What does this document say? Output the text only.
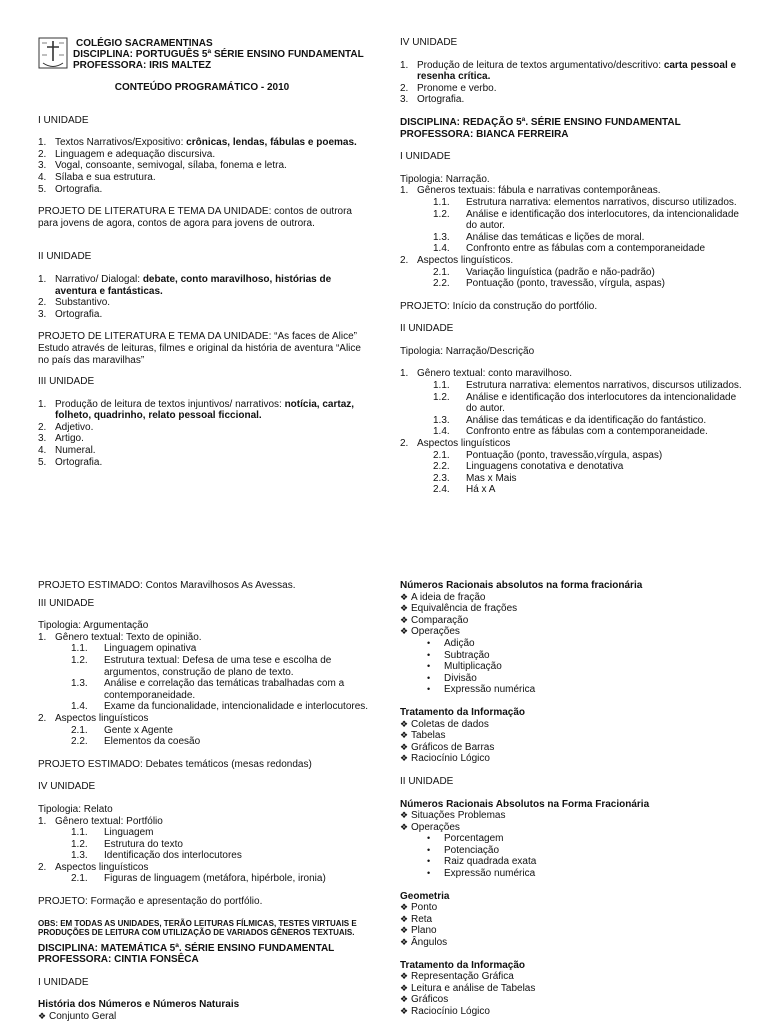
COLÉGIO SACRAMENTINAS
DISCIPLINA: PORTUGUÊS 5ª SÉRIE ENSINO FUNDAMENTAL
PROFESSORA: IRIS MALTEZ
CONTEÚDO PROGRAMÁTICO - 2010
I UNIDADE
1. Textos Narrativos/Expositivo: crônicas, lendas, fábulas e poemas.
2. Linguagem e adequação discursiva.
3. Vogal, consoante, semivogal, sílaba, fonema e letra.
4. Sílaba e sua estrutura.
5. Ortografia.

PROJETO DE LITERATURA E TEMA DA UNIDADE: contos de outrora para jovens de agora, contos de agora para jovens de outrora.

II UNIDADE
1. Narrativo/ Dialogal: debate, conto maravilhoso, histórias de aventura e fantásticas.
2. Substantivo.
3. Ortografia.

PROJETO DE LITERATURA E TEMA DA UNIDADE: “As faces de Alice” Estudo através de leituras, filmes e original da história de aventura “Alice no país das maravilhas”

III UNIDADE
1. Produção de leitura de textos injuntivos/ narrativos: notícia, cartaz, folheto, quadrinho, relato pessoal ficcional.
2. Adjetivo.
3. Artigo.
4. Numeral.
5. Ortografia.
IV UNIDADE
1. Produção de leitura de textos argumentativo/descritivo: carta pessoal e resenha crítica.
2. Pronome e verbo.
3. Ortografia.
DISCIPLINA: REDAÇÃO 5ª. SÉRIE ENSINO FUNDAMENTAL
PROFESSORA: BIANCA FERREIRA
I UNIDADE
Tipologia: Narração.
1. Gêneros textuais: fábula e narrativas contemporâneas.
1.1. Estrutura narrativa: elementos narrativos, discurso utilizados.
1.2. Análise e identificação dos interlocutores, da intencionalidade do autor.
1.3. Análise das temáticas e lições de moral.
1.4. Confronto entre as fábulas com a contemporaneidade
2. Aspectos linguísticos.
2.1. Variação linguística (padrão e não-padrão)
2.2. Pontuação (ponto, travessão, vírgula, aspas)
PROJETO: Início da construção do portfólio.
II UNIDADE
Tipologia: Narração/Descrição
1. Gênero textual: conto maravilhoso.
1.1. Estrutura narrativa: elementos narrativos, discursos utilizados.
1.2. Análise e identificação dos interlocutores da intencionalidade do autor.
1.3. Análise das temáticas e da identificação do fantástico.
1.4. Confronto entre as fábulas com a contemporaneidade.
2. Aspectos linguísticos
2.1. Pontuação (ponto, travessão,vírgula, aspas)
2.2. Linguagens conotativa e denotativa
2.3. Mas x Mais
2.4. Há x A
PROJETO ESTIMADO: Contos Maravilhosos As Avessas.
III UNIDADE
Tipologia: Argumentação
1. Gênero textual: Texto de opinião.
1.1. Linguagem opinativa
1.2. Estrutura textual: Defesa de uma tese e escolha de argumentos, construção de plano de texto.
1.3. Análise e correlação das temáticas trabalhadas com a contemporaneidade.
1.4. Exame da funcionalidade, intencionalidade e interlocutores.
2. Aspectos linguísticos
2.1. Gente x Agente
2.2. Elementos da coesão
PROJETO ESTIMADO: Debates temáticos (mesas redondas)
IV UNIDADE
Tipologia: Relato
1. Gênero textual: Portfólio
1.1. Linguagem
1.2. Estrutura do texto
1.3. Identificação dos interlocutores
2. Aspectos linguísticos
2.1. Figuras de linguagem (metáfora, hipérbole, ironia)
PROJETO: Formação e apresentação do portfólio.
OBS: EM TODAS AS UNIDADES, TERÃO LEITURAS FÍLMICAS, TESTES VIRTUAIS E PRODUÇÕES DE LEITURA COM UTILIZAÇÃO DE VARIADOS GÊNEROS TEXTUAIS.
DISCIPLINA: MATEMÁTICA 5ª. SÉRIE ENSINO FUNDAMENTAL
PROFESSORA: CINTIA FONSÊCA
I UNIDADE
História dos Números e Números Naturais
❖ Conjunto Geral
Números Racionais absolutos na forma fracionária
❖ A ideia de fração
❖ Equivalência de frações
❖ Comparação
❖ Operações
• Adição
• Subtração
• Multiplicação
• Divisão
• Expressão numérica
Tratamento da Informação
❖ Coletas de dados
❖ Tabelas
❖ Gráficos de Barras
❖ Raciocínio Lógico
II UNIDADE
Números Racionais Absolutos na Forma Fracionária
❖ Situações Problemas
❖ Operações
• Porcentagem
• Potenciação
• Raiz quadrada exata
• Expressão numérica
Geometria
❖ Ponto
❖ Reta
❖ Plano
❖ Ângulos
Tratamento da Informação
❖ Representação Gráfica
❖ Leitura e análise de Tabelas
❖ Gráficos
❖ Raciocínio Lógico
